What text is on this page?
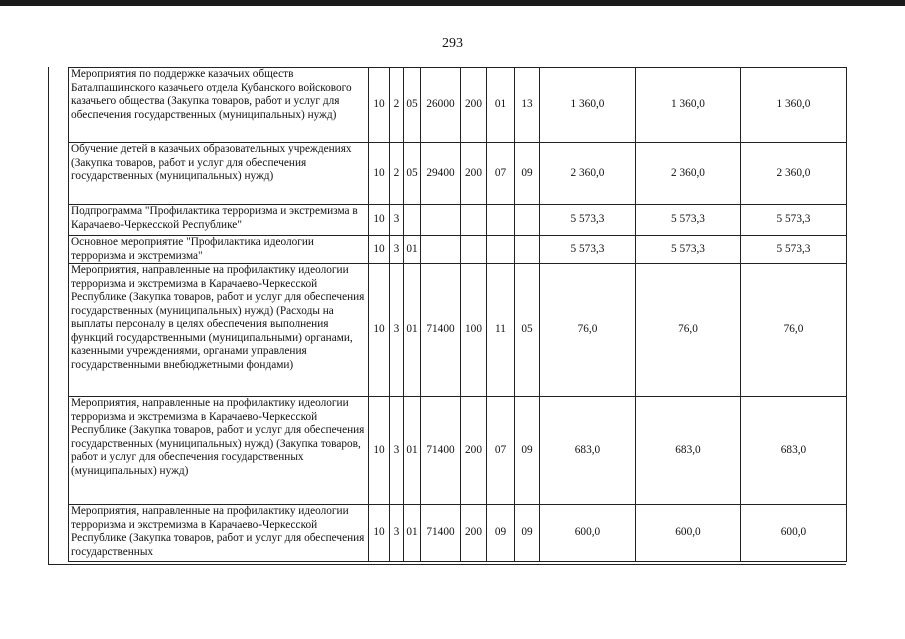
293
Мероприятия по поддержке казачьих обществ Баталпашинского казачьего отдела Кубанского войскового казачьего общества (Закупка товаров, работ и услуг для обеспечения государственных (муниципальных) нужд)	10	2	05	26000	200	01	13	1 360,0	1 360,0	1 360,0
Обучение детей в казачьих образовательных учреждениях (Закупка товаров, работ и услуг для обеспечения государственных (муниципальных) нужд)	10	2	05	29400	200	07	09	2 360,0	2 360,0	2 360,0
Подпрограмма "Профилактика терроризма и экстремизма в Карачаево-Черкесской Республике"	10	3						5 573,3	5 573,3	5 573,3
Основное мероприятие "Профилактика идеологии терроризма и экстремизма"	10	3	01					5 573,3	5 573,3	5 573,3
Мероприятия, направленные на профилактику идеологии терроризма и экстремизма в Карачаево-Черкесской Республике (Закупка товаров, работ и услуг для обеспечения государственных (муниципальных) нужд) (Расходы на выплаты персоналу в целях обеспечения выполнения функций государственными (муниципальными) органами, казенными учреждениями, органами управления государственными внебюджетными фондами)	10	3	01	71400	100	11	05	76,0	76,0	76,0
Мероприятия, направленные на профилактику идеологии терроризма и экстремизма в Карачаево-Черкесской Республике (Закупка товаров, работ и услуг для обеспечения государственных (муниципальных) нужд) (Закупка товаров, работ и услуг для обеспечения государственных (муниципальных) нужд)	10	3	01	71400	200	07	09	683,0	683,0	683,0
Мероприятия, направленные на профилактику идеологии терроризма и экстремизма в Карачаево-Черкесской Республике (Закупка товаров, работ и услуг для обеспечения государственных	10	3	01	71400	200	09	09	600,0	600,0	600,0
